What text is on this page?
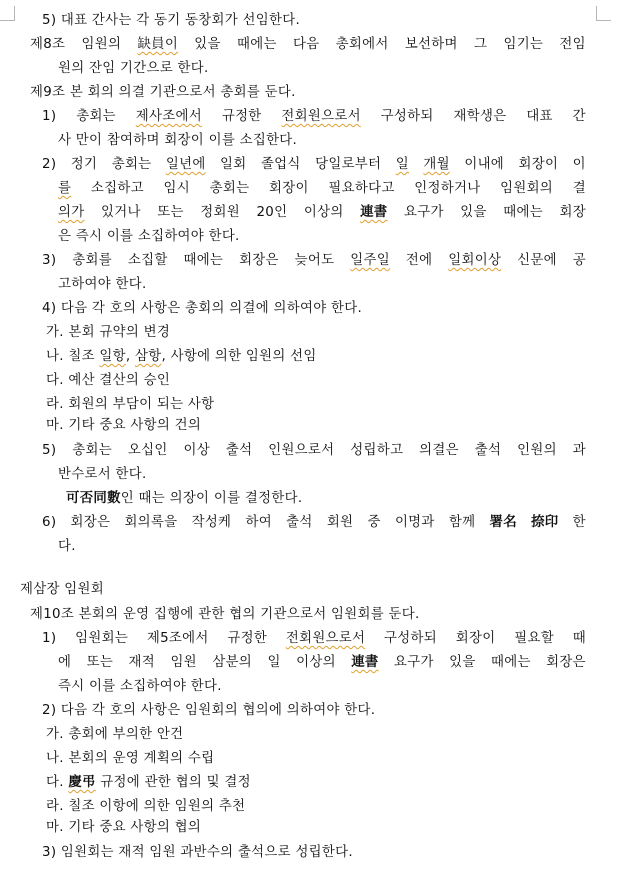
5) 대표 간사는 각 동기 동창회가 선임한다.
제8조 임원의 缺員이 있을 때에는 다음 총회에서 보선하며 그 임기는 전임
원의 잔임 기간으로 한다.
제9조 본 회의 의결 기관으로서 총회를 둔다.
1) 총회는 제사조에서 규정한 전회원으로서 구성하되 재학생은 대표 간
사 만이 참여하며 회장이 이를 소집한다.
2) 정기 총회는 일년에 일회 졸업식 당일로부터 일 개월 이내에 회장이 이
를 소집하고 임시 총회는 회장이 필요하다고 인정하거나 임원회의 결
의가 있거나 또는 정회원 20인 이상의 連書 요구가 있을 때에는 회장
은 즉시 이를 소집하여야 한다.
3) 총회를 소집할 때에는 회장은 늦어도 일주일 전에 일회이상 신문에 공
고하여야 한다.
4) 다음 각 호의 사항은 총회의 의결에 의하여야 한다.
가. 본회 규약의 변경
나. 칠조 일항, 삼항, 사항에 의한 임원의 선임
다. 예산 결산의 승인
라. 회원의 부담이 되는 사항
마. 기타 중요 사항의 건의
5) 총회는 오십인 이상 출석 인원으로서 성립하고 의결은 출석 인원의 과
반수로서 한다.
可否同數인 때는 의장이 이를 결정한다.
6) 회장은 회의록을 작성케 하여 출석 회원 중 이명과 함께 署名 捺印 한
다.
제삼장 임원회
제10조 본회의 운영 집행에 관한 협의 기관으로서 임원회를 둔다.
1) 임원회는 제5조에서 규정한 전회원으로서 구성하되 회장이 필요할 때
에 또는 재적 임원 삼분의 일 이상의 連書 요구가 있을 때에는 회장은
즉시 이를 소집하여야 한다.
2) 다음 각 호의 사항은 임원회의 협의에 의하여야 한다.
가. 총회에 부의한 안건
나. 본회의 운영 계획의 수립
다. 慶弔 규정에 관한 협의 및 결정
라. 칠조 이항에 의한 임원의 추천
마. 기타 중요 사항의 협의
3) 임원회는 재적 임원 과반수의 출석으로 성립한다.
